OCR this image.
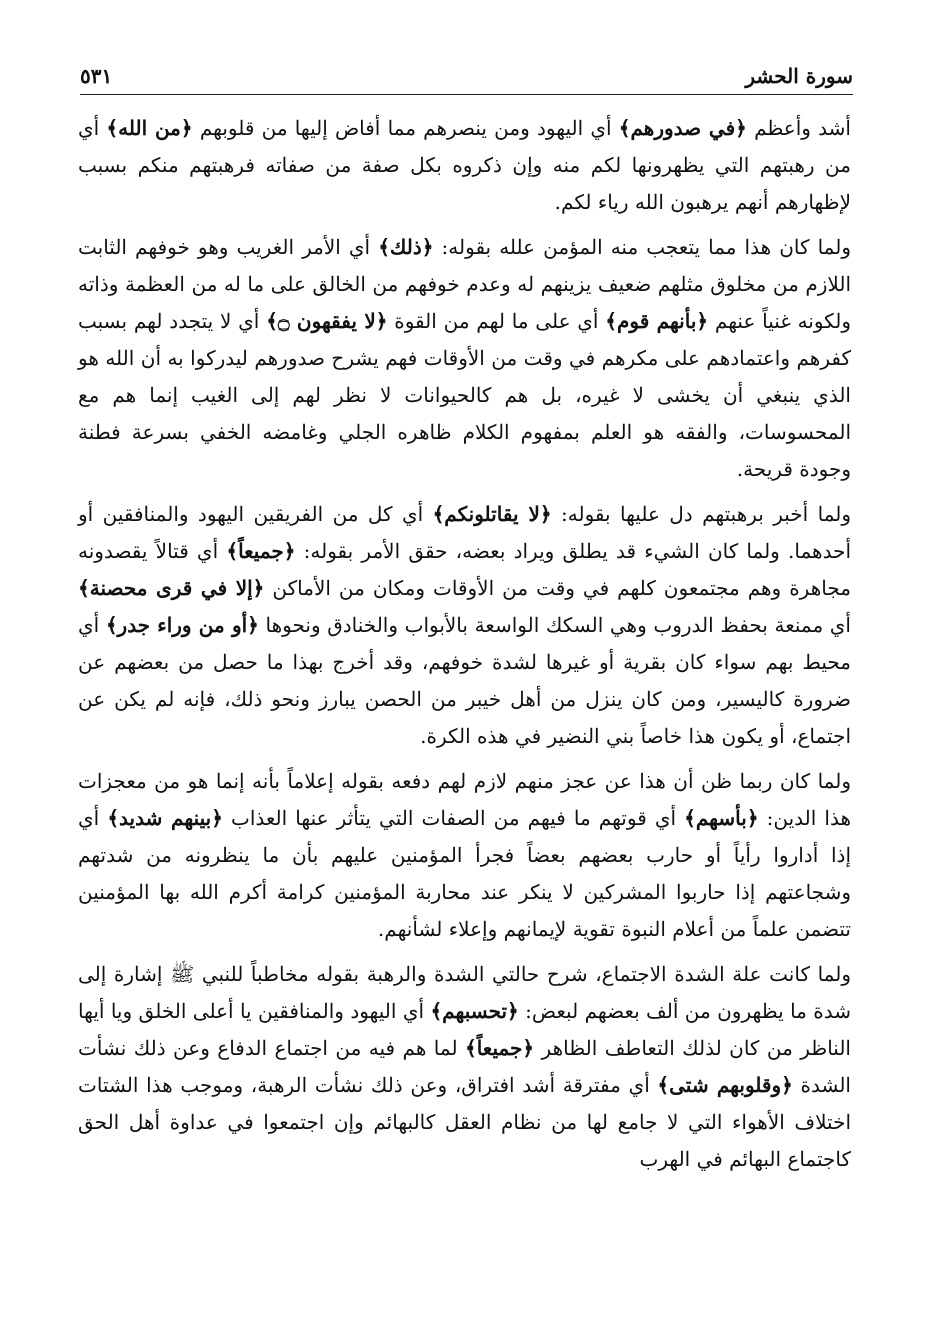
سورة الحشر
٥٣١

أشد وأعظم ﴿في صدورهم﴾ أي اليهود ومن ينصرهم مما أفاض إليها من قلوبهم ﴿من الله﴾ أي من رهبتهم التي يظهرونها لكم منه وإن ذكروه بكل صفة من صفاته فرهبتهم منكم بسبب لإظهارهم أنهم يرهبون الله رياء لكم.

ولما كان هذا مما يتعجب منه المؤمن علله بقوله: ﴿ذلك﴾ أي الأمر الغريب وهو خوفهم الثابت اللازم من مخلوق مثلهم ضعيف يزينهم له وعدم خوفهم من الخالق على ما له من العظمة وذاته ولكونه غنياً عنهم ﴿بأنهم قوم﴾ أي على ما لهم من القوة ﴿لا يفقهون ۝﴾ أي لا يتجدد لهم بسبب كفرهم واعتمادهم على مكرهم في وقت من الأوقات فهم يشرح صدورهم ليدركوا به أن الله هو الذي ينبغي أن يخشى لا غيره، بل هم كالحيوانات لا نظر لهم إلى الغيب إنما هم مع المحسوسات، والفقه هو العلم بمفهوم الكلام ظاهره الجلي وغامضه الخفي بسرعة فطنة وجودة قريحة.

ولما أخبر برهبتهم دل عليها بقوله: ﴿لا يقاتلونكم﴾ أي كل من الفريقين اليهود والمنافقين أو أحدهما. ولما كان الشيء قد يطلق ويراد بعضه، حقق الأمر بقوله: ﴿جميعاً﴾ أي قتالاً يقصدونه مجاهرة وهم مجتمعون كلهم في وقت من الأوقات ومكان من الأماكن ﴿إلا في قرى محصنة﴾ أي ممنعة بحفظ الدروب وهي السكك الواسعة بالأبواب والخنادق ونحوها ﴿أو من وراء جدر﴾ أي محيط بهم سواء كان بقرية أو غيرها لشدة خوفهم، وقد أخرج بهذا ما حصل من بعضهم عن ضرورة كاليسير، ومن كان ينزل من أهل خيبر من الحصن يبارز ونحو ذلك، فإنه لم يكن عن اجتماع، أو يكون هذا خاصاً بني النضير في هذه الكرة.

ولما كان ربما ظن أن هذا عن عجز منهم لازم لهم دفعه بقوله إعلاماً بأنه إنما هو من معجزات هذا الدين: ﴿بأسهم﴾ أي قوتهم ما فيهم من الصفات التي يتأثر عنها العذاب ﴿بينهم شديد﴾ أي إذا أداروا رأياً أو حارب بعضهم بعضاً فجرأ المؤمنين عليهم بأن ما ينظرونه من شدتهم وشجاعتهم إذا حاربوا المشركين لا ينكر عند محاربة المؤمنين كرامة أكرم الله بها المؤمنين تتضمن علماً من أعلام النبوة تقوية لإيمانهم وإعلاء لشأنهم.

ولما كانت علة الشدة الاجتماع، شرح حالتي الشدة والرهبة بقوله مخاطباً للنبي ﷺ إشارة إلى شدة ما يظهرون من ألف بعضهم لبعض: ﴿تحسبهم﴾ أي اليهود والمنافقين يا أعلى الخلق ويا أيها الناظر من كان لذلك التعاطف الظاهر ﴿جميعاً﴾ لما هم فيه من اجتماع الدفاع وعن ذلك نشأت الشدة ﴿وقلوبهم شتى﴾ أي مفترقة أشد افتراق، وعن ذلك نشأت الرهبة، وموجب هذا الشتات اختلاف الأهواء التي لا جامع لها من نظام العقل كالبهائم وإن اجتمعوا في عداوة أهل الحق كاجتماع البهائم في الهرب
